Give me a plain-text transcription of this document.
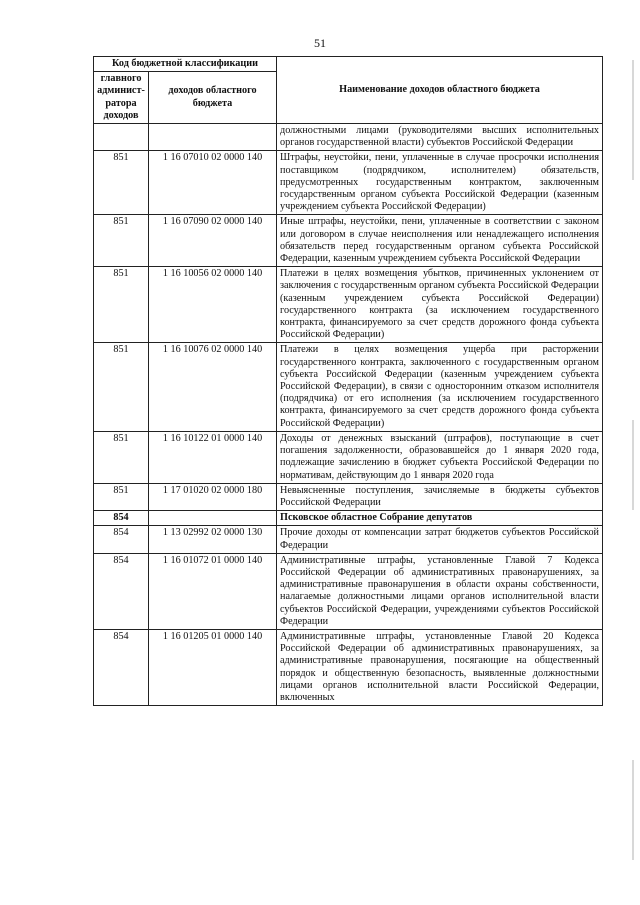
51
Код бюджетной классификации		Наименование доходов областного бюджета
главного админист-ратора доходов	доходов областного бюджета	
		должностными лицами (руководителями высших исполнительных органов государственной власти) субъектов Российской Федерации
851	1 16 07010 02 0000 140	Штрафы, неустойки, пени, уплаченные в случае просрочки исполнения поставщиком (подрядчиком, исполнителем) обязательств, предусмотренных государственным контрактом, заключенным государственным органом субъекта Российской Федерации (казенным учреждением субъекта Российской Федерации)
851	1 16 07090 02 0000 140	Иные штрафы, неустойки, пени, уплаченные в соответствии с законом или договором в случае неисполнения или ненадлежащего исполнения обязательств перед государственным органом субъекта Российской Федерации, казенным учреждением субъекта Российской Федерации
851	1 16 10056 02 0000 140	Платежи в целях возмещения убытков, причиненных уклонением от заключения с государственным органом субъекта Российской Федерации (казенным учреждением субъекта Российской Федерации) государственного контракта (за исключением государственного контракта, финансируемого за счет средств дорожного фонда субъекта Российской Федерации)
851	1 16 10076 02 0000 140	Платежи в целях возмещения ущерба при расторжении государственного контракта, заключенного с государственным органом субъекта Российской Федерации (казенным учреждением субъекта Российской Федерации), в связи с односторонним отказом исполнителя (подрядчика) от его исполнения (за исключением государственного контракта, финансируемого за счет средств дорожного фонда субъекта Российской Федерации)
851	1 16 10122 01 0000 140	Доходы от денежных взысканий (штрафов), поступающие в счет погашения задолженности, образовавшейся до 1 января 2020 года, подлежащие зачислению в бюджет субъекта Российской Федерации по нормативам, действующим до 1 января 2020 года
851	1 17 01020 02 0000 180	Невыясненные поступления, зачисляемые в бюджеты субъектов Российской Федерации
854		Псковское областное Собрание депутатов
854	1 13 02992 02 0000 130	Прочие доходы от компенсации затрат бюджетов субъектов Российской Федерации
854	1 16 01072 01 0000 140	Административные штрафы, установленные Главой 7 Кодекса Российской Федерации об административных правонарушениях, за административные правонарушения в области охраны собственности, налагаемые должностными лицами органов исполнительной власти субъектов Российской Федерации, учреждениями субъектов Российской Федерации
854	1 16 01205 01 0000 140	Административные штрафы, установленные Главой 20 Кодекса Российской Федерации об административных правонарушениях, за административные правонарушения, посягающие на общественный порядок и общественную безопасность, выявленные должностными лицами органов исполнительной власти Российской Федерации, включенных
